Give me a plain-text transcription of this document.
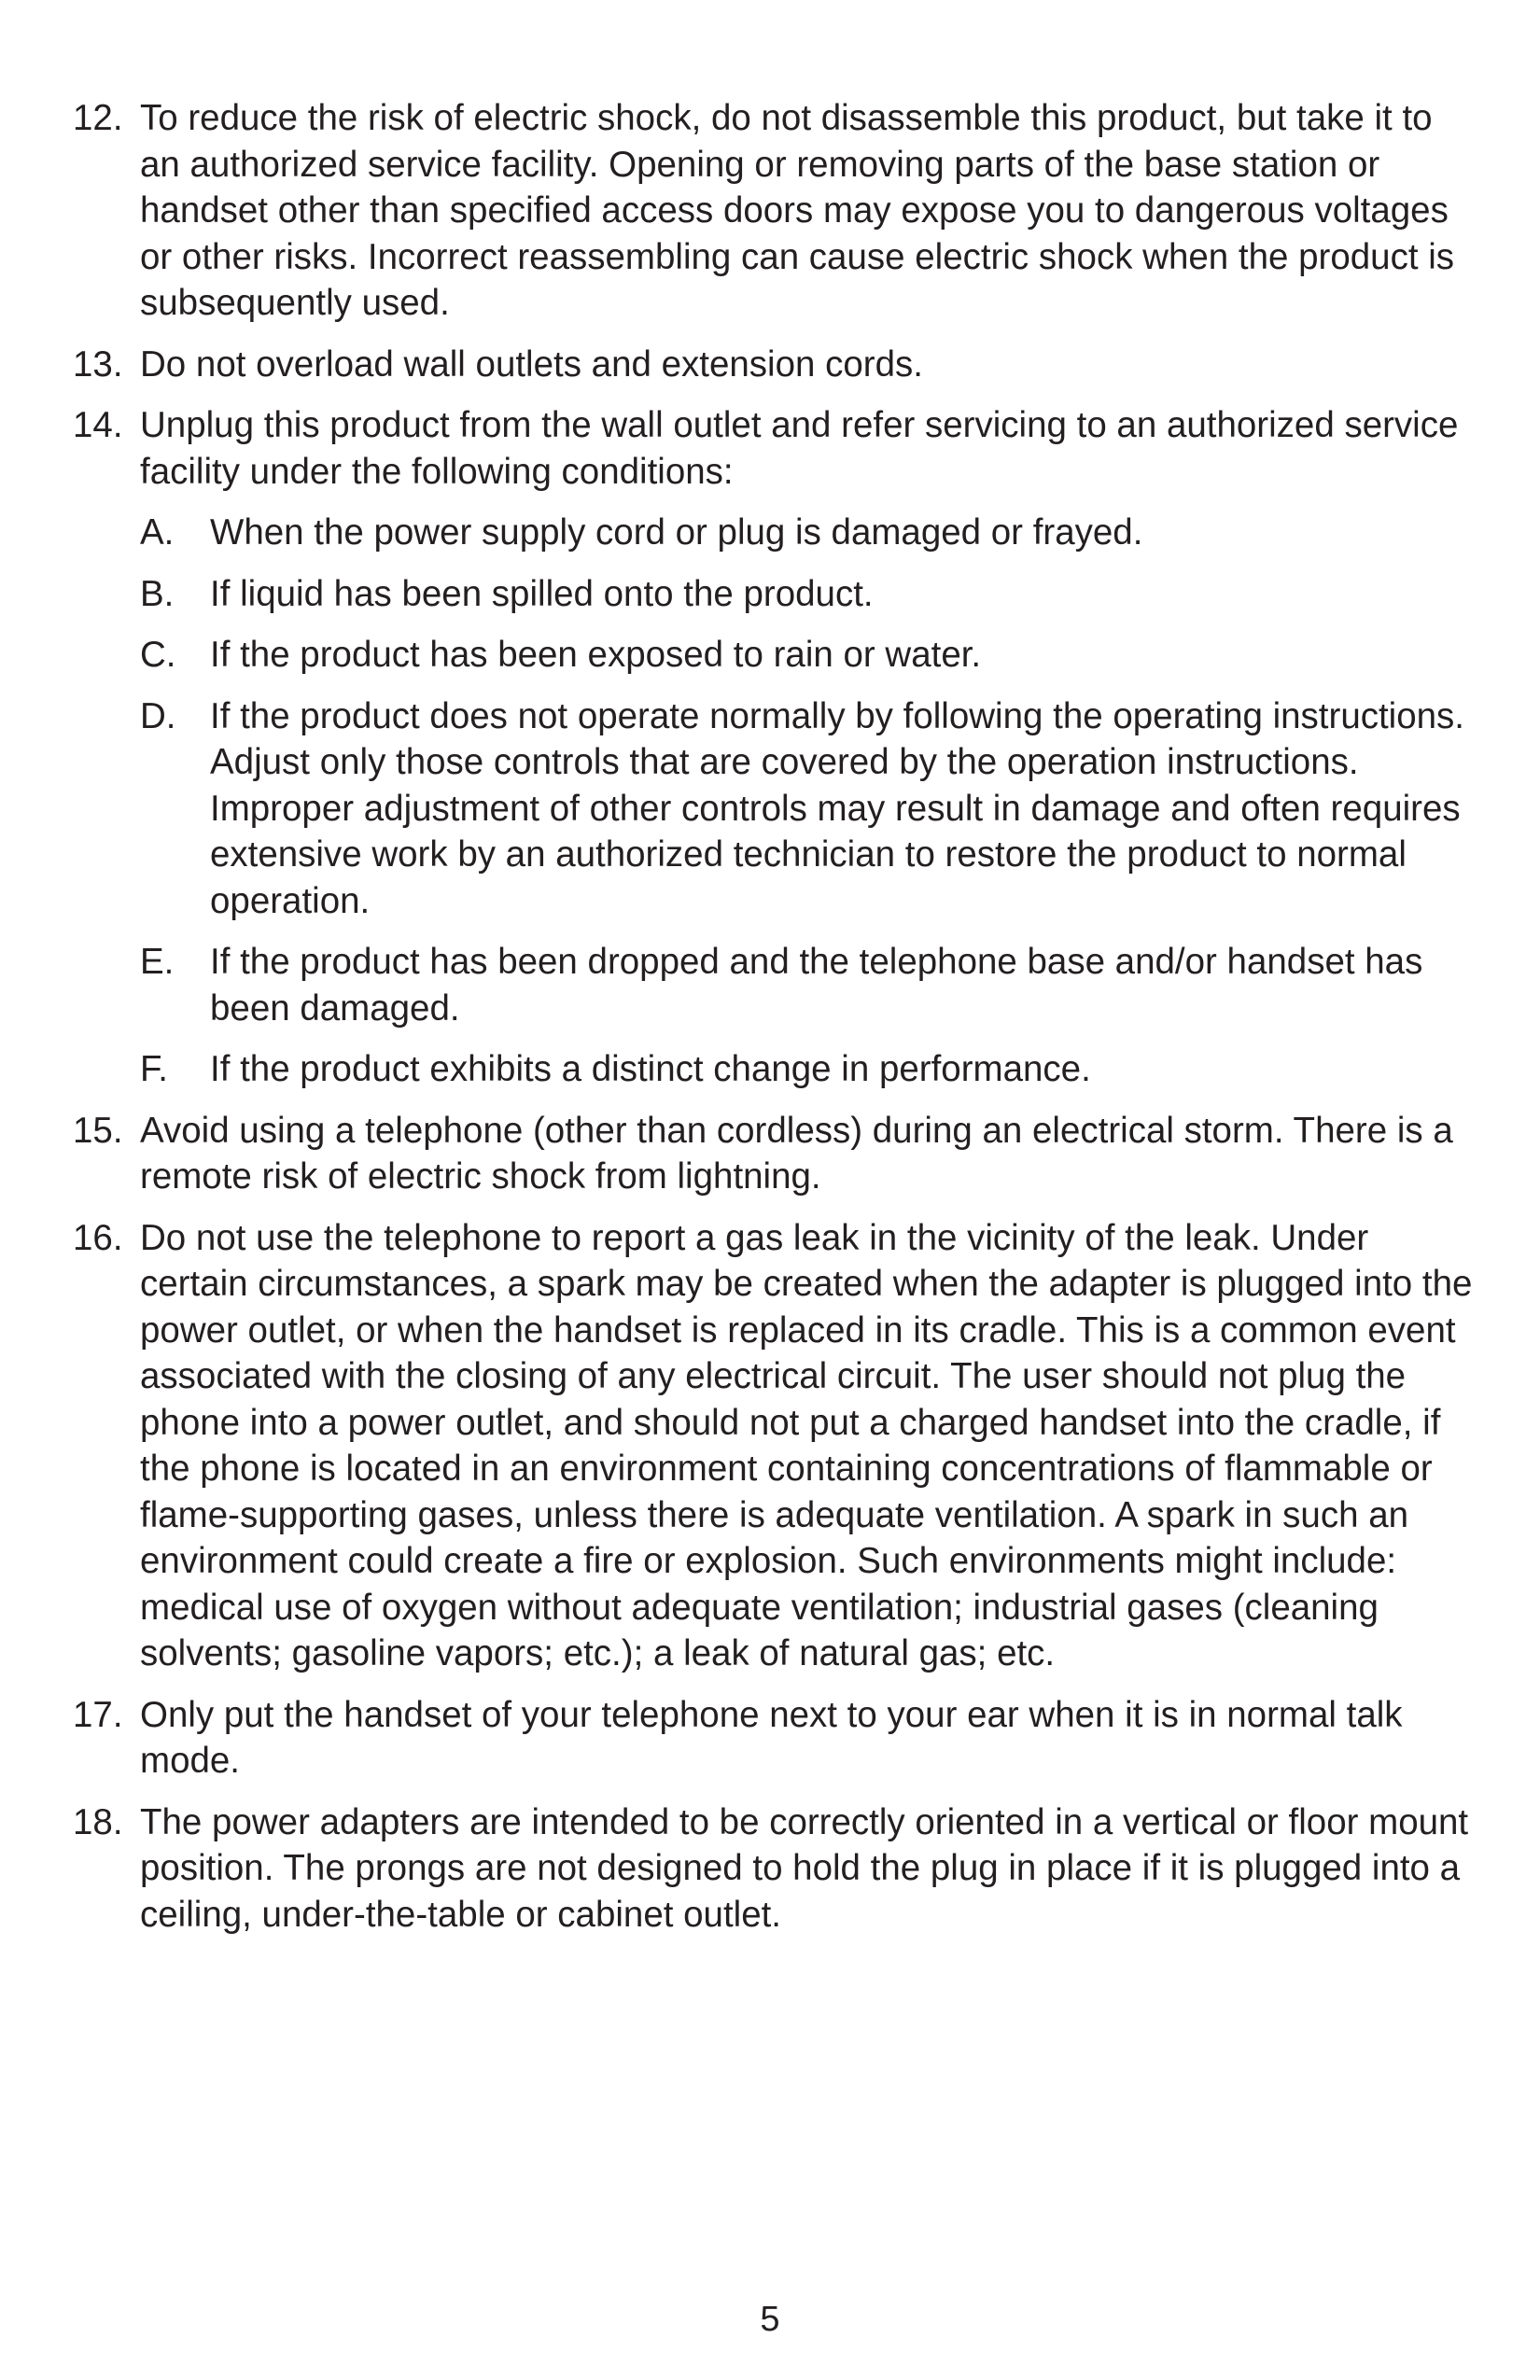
12. To reduce the risk of electric shock, do not disassemble this product, but take it to an authorized service facility. Opening or removing parts of the base station or handset other than specified access doors may expose you to dangerous voltages or other risks. Incorrect reassembling can cause electric shock when the product is subsequently used.
13. Do not overload wall outlets and extension cords.
14. Unplug this product from the wall outlet and refer servicing to an authorized service facility under the following conditions:
A.	When the power supply cord or plug is damaged or frayed.
B.	If liquid has been spilled onto the product.
C. If the product has been exposed to rain or water.
D. If the product does not operate normally by following the operating instructions. Adjust only those controls that are covered by the operation instructions. Improper adjustment of other controls may result in damage and often requires extensive work by an authorized technician to restore the product to normal operation.
E.	If the product has been dropped and the telephone base and/or handset has been damaged.
F.	If the product exhibits a distinct change in performance.
15. Avoid using a telephone (other than cordless) during an electrical storm. There is a remote risk of electric shock from lightning.
16. Do not use the telephone to report a gas leak in the vicinity of the leak. Under certain circumstances, a spark may be created when the adapter is plugged into the power outlet, or when the handset is replaced in its cradle. This is a common event associated with the closing of any electrical circuit. The user should not plug the phone into a power outlet, and should not put a charged handset into the cradle, if the phone is located in an environment containing concentrations of flammable or flame-supporting gases, unless there is adequate ventilation. A spark in such an environment could create a fire or explosion. Such environments might include: medical use of oxygen without adequate ventilation; industrial gases (cleaning solvents; gasoline vapors; etc.); a leak of natural gas; etc.
17. Only put the handset of your telephone next to your ear when it is in normal talk mode.
18. The power adapters are intended to be correctly oriented in a vertical or floor mount position. The prongs are not designed to hold the plug in place if it is plugged into a ceiling, under-the-table or cabinet outlet.
5
